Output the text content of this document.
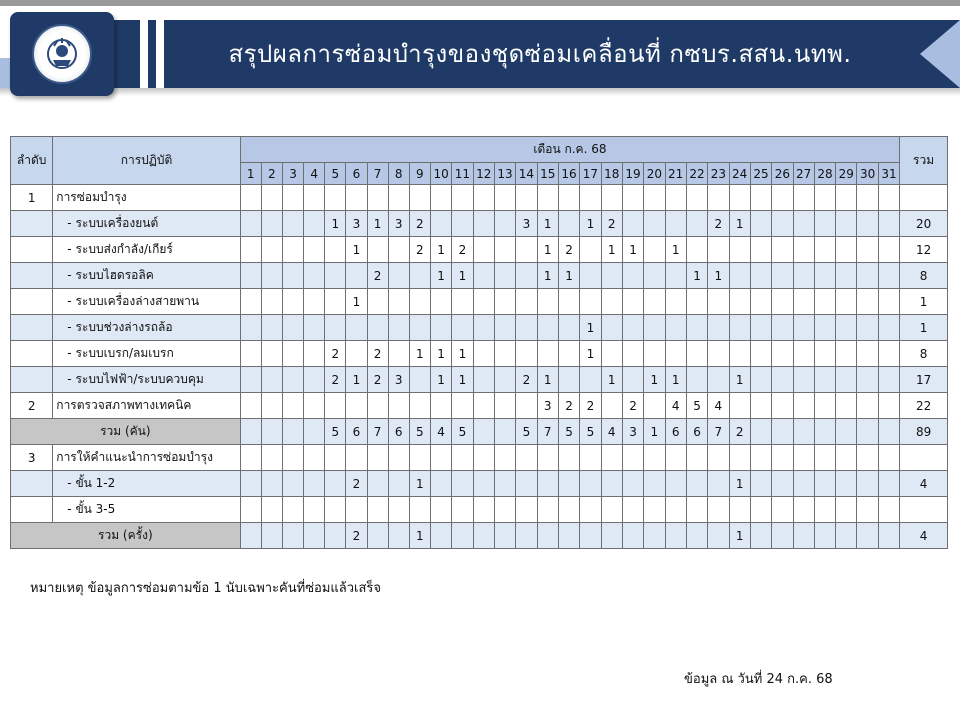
สรุปผลการซ่อมบำรุงของชุดซ่อมเคลื่อนที่ กซบร.สสน.นทพ.
ลำดับ	การปฏิบัติ	เดือน ก.ค. 68																															รวม
		1	2	3	4	5	6	7	8	9	10	11	12	13	14	15	16	17	18	19	20	21	22	23	24	25	26	27	28	29	30	31	
1	การซ่อมบำรุง																																
	- ระบบเครื่องยนต์					1	3	1	3	2					3	1		1	2					2	1								20
	- ระบบส่งกำลัง/เกียร์						1			2	1	2				1	2		1	1		1											12
	- ระบบไฮดรอลิค							2			1	1				1	1						1	1									8
	- ระบบเครื่องล่างสายพาน						1																										1
	- ระบบช่วงล่างรถล้อ																	1															1
	- ระบบเบรก/ลมเบรก					2		2		1	1	1						1															8
	- ระบบไฟฟ้า/ระบบควบคุม					2	1	2	3		1	1			2	1			1		1	1			1								17
2	การตรวจสภาพทางเทคนิค															3	2	2		2		4	5	4									22
รวม (คัน)						5	6	7	6	5	4	5			5	7	5	5	4	3	1	6	6	7	2								89
3	การให้คำแนะนำการซ่อมบำรุง																																
	- ขั้น 1-2						2			1															1								4
	- ขั้น 3-5																																
รวม (ครั้ง)							2			1															1								4
หมายเหตุ ข้อมูลการซ่อมตามข้อ 1 นับเฉพาะคันที่ซ่อมแล้วเสร็จ
ข้อมูล ณ วันที่ 24 ก.ค. 68
